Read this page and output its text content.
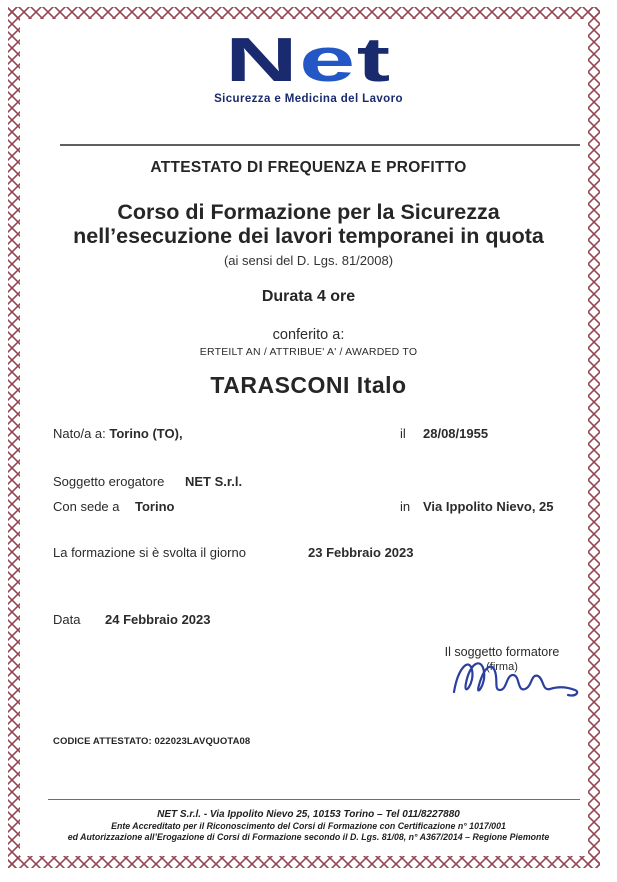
Net
Sicurezza e Medicina del Lavoro
ATTESTATO DI FREQUENZA E PROFITTO
Corso di Formazione per la Sicurezza
nell’esecuzione dei lavori temporanei in quota
(ai sensi del D. Lgs. 81/2008)
Durata 4 ore
conferito a:
ERTEILT AN / ATTRIBUE' A' / AWARDED TO
TARASCONI Italo
Nato/a a: Torino (TO),	il 28/08/1955
Soggetto erogatore NET S.r.l.
Con sede a Torino	in Via Ippolito Nievo, 25
La formazione si è svolta il giorno	23 Febbraio 2023
Data 24 Febbraio 2023
Il soggetto formatore
(firma)
CODICE ATTESTATO: 022023LAVQUOTA08
NET S.r.l. - Via Ippolito Nievo 25, 10153 Torino – Tel 011/8227880
Ente Accreditato per il Riconoscimento del Corsi di Formazione con Certificazione n° 1017/001
ed Autorizzazione all’Erogazione di Corsi di Formazione secondo il D. Lgs. 81/08, n° A367/2014 – Regione Piemonte
